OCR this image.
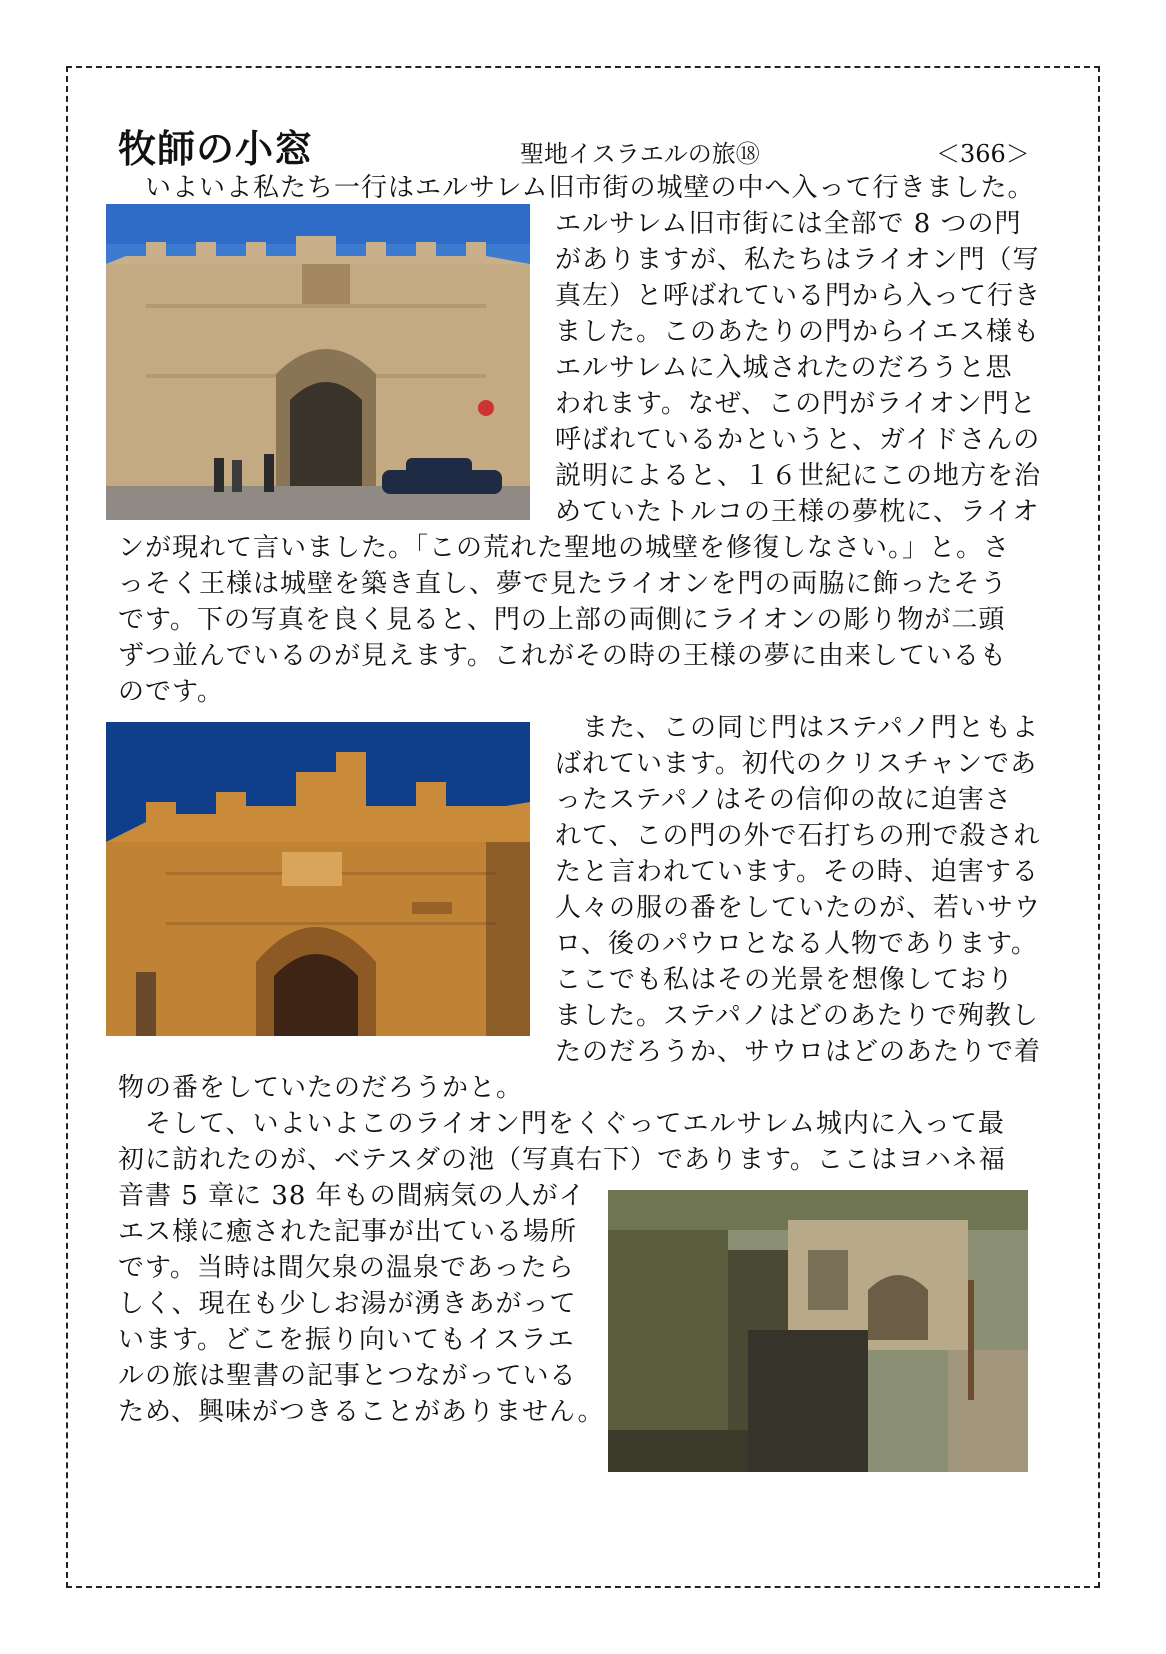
牧師の小窓	聖地イスラエルの旅⑱	＜366＞
　いよいよ私たち一行はエルサレム旧市街の城壁の中へ入って行きました。
エルサレム旧市街には全部で 8 つの門
がありますが、私たちはライオン門（写
真左）と呼ばれている門から入って行き
ました。このあたりの門からイエス様も
エルサレムに入城されたのだろうと思
われます。なぜ、この門がライオン門と
呼ばれているかというと、ガイドさんの
説明によると、１６世紀にこの地方を治
めていたトルコの王様の夢枕に、ライオ
ンが現れて言いました。「この荒れた聖地の城壁を修復しなさい。」と。さ
っそく王様は城壁を築き直し、夢で見たライオンを門の両脇に飾ったそう
です。下の写真を良く見ると、門の上部の両側にライオンの彫り物が二頭
ずつ並んでいるのが見えます。これがその時の王様の夢に由来しているも
のです。
　また、この同じ門はステパノ門ともよ
ばれています。初代のクリスチャンであ
ったステパノはその信仰の故に迫害さ
れて、この門の外で石打ちの刑で殺され
たと言われています。その時、迫害する
人々の服の番をしていたのが、若いサウ
ロ、後のパウロとなる人物であります。
ここでも私はその光景を想像しており
ました。ステパノはどのあたりで殉教し
たのだろうか、サウロはどのあたりで着
物の番をしていたのだろうかと。
　そして、いよいよこのライオン門をくぐってエルサレム城内に入って最
初に訪れたのが、ベテスダの池（写真右下）であります。ここはヨハネ福
音書 5 章に 38 年もの間病気の人がイ
エス様に癒された記事が出ている場所
です。当時は間欠泉の温泉であったら
しく、現在も少しお湯が湧きあがって
います。どこを振り向いてもイスラエ
ルの旅は聖書の記事とつながっている
ため、興味がつきることがありません。
